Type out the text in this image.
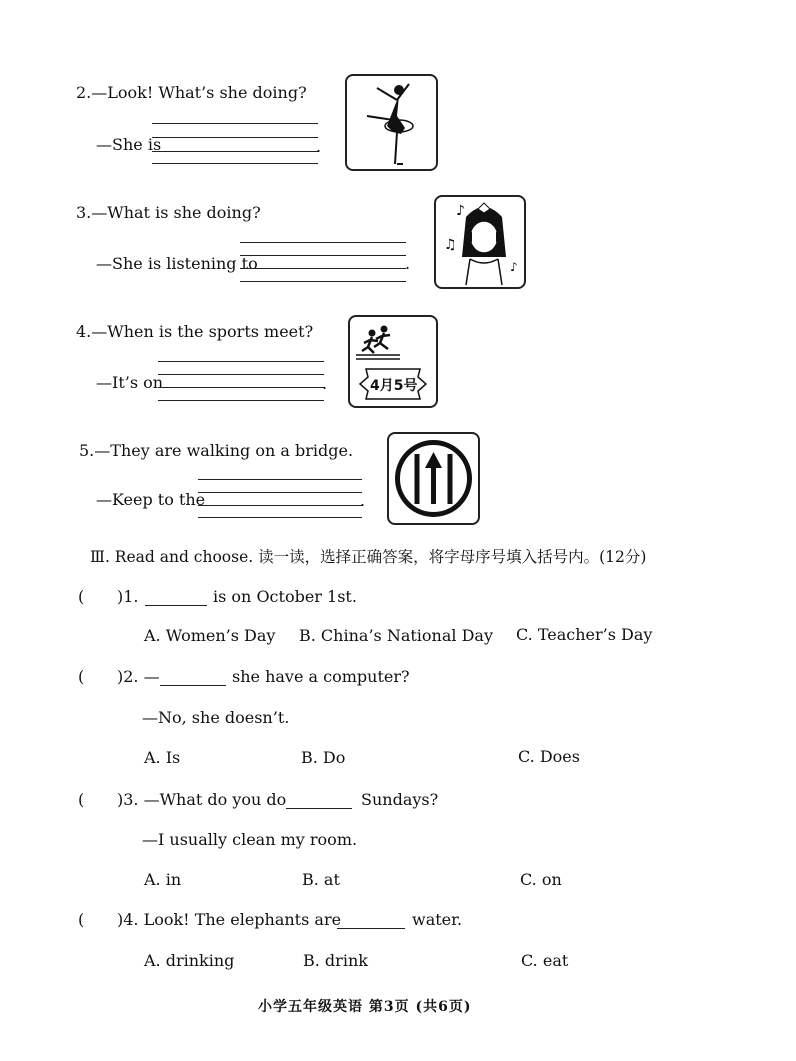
2.—Look! What’s she doing?
—She is	.
3.—What is she doing?
—She is listening to	.
♪
♫
♪
4.—When is the sports meet?
—It’s on	.	4月5号
5.—They are walking on a bridge.
—Keep to the	.
Ⅲ. Read and choose. 读一读，选择正确答案，将字母序号填入括号内。(12分)
( )1.	is on October 1st.
A. Women’s Day B. China’s National Day C. Teacher’s Day
( )2. —	she have a computer?
—No, she doesn’t.
A. Is	B. Do	C. Does
( )3. —What do you do	Sundays?
—I usually clean my room.
A. in	B. at	C. on
( )4. Look! The elephants are	water.
A. drinking	B. drink	C. eat
小学五年级英语 第3页 (共6页)
